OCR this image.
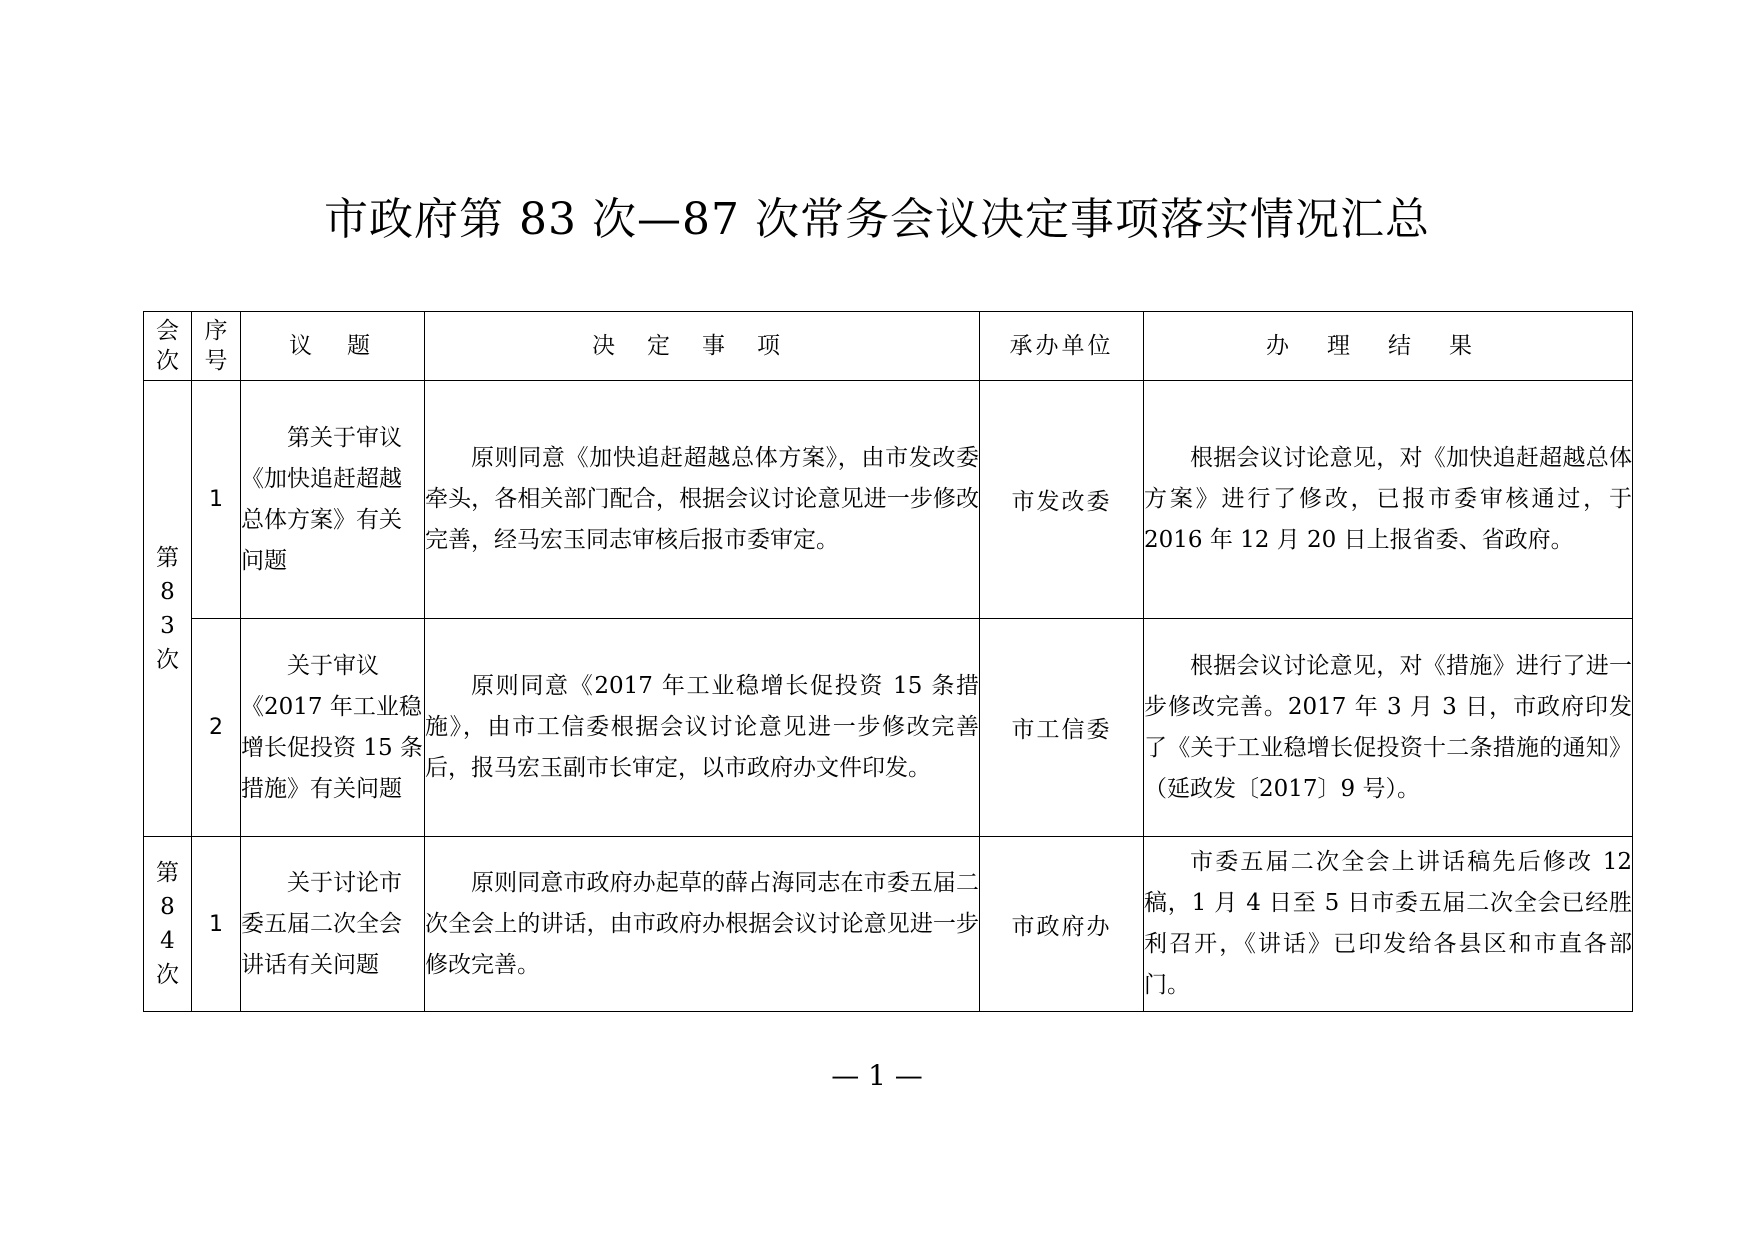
市政府第 83 次—87 次常务会议决定事项落实情况汇总
会次	序号	议　题	决定事项	承办单位	办理结果
第83次	1	第关于审议《加快追赶超越总体方案》有关问题	原则同意《加快追赶超越总体方案》，由市发改委牵头，各相关部门配合，根据会议讨论意见进一步修改完善，经马宏玉同志审核后报市委审定。	市发改委	根据会议讨论意见，对《加快追赶超越总体方案》进行了修改，已报市委审核通过，于 2016 年 12 月 20 日上报省委、省政府。
	2	关于审议《2017 年工业稳增长促投资 15 条措施》有关问题	原则同意《2017 年工业稳增长促投资 15 条措施》，由市工信委根据会议讨论意见进一步修改完善后，报马宏玉副市长审定，以市政府办文件印发。	市工信委	根据会议讨论意见，对《措施》进行了进一步修改完善。2017 年 3 月 3 日，市政府印发了《关于工业稳增长促投资十二条措施的通知》（延政发〔2017〕9 号）。
第84次	1	关于讨论市委五届二次全会讲话有关问题	原则同意市政府办起草的薛占海同志在市委五届二次全会上的讲话，由市政府办根据会议讨论意见进一步修改完善。	市政府办	市委五届二次全会上讲话稿先后修改 12 稿，1 月 4 日至 5 日市委五届二次全会已经胜利召开，《讲话》已印发给各县区和市直各部门。
— 1 —
